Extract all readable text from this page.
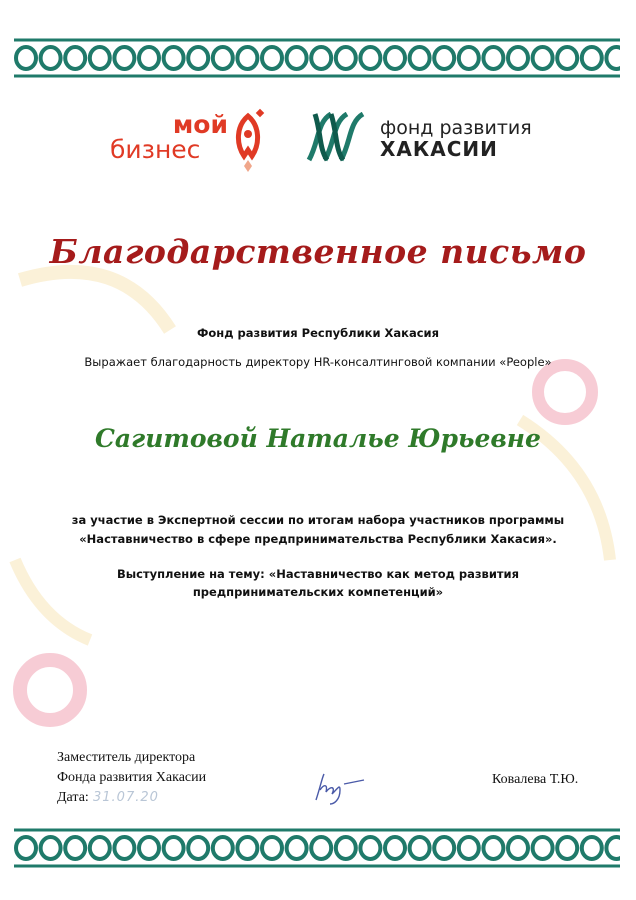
мой
бизнес
фонд развития
ХАКАСИИ
Благодарственное письмо
Фонд развития Республики Хакасия
Выражает благодарность директору HR-консалтинговой компании «People»
Сагитовой Наталье Юрьевне
за участие в Экспертной сессии по итогам набора участников программы
«Наставничество в сфере предпринимательства Республики Хакасия».
Выступление на тему: «Наставничество как метод развития
предпринимательских компетенций»
Заместитель директора
Фонда развития Хакасии
Дата: 31.07.20
Ковалева Т.Ю.
